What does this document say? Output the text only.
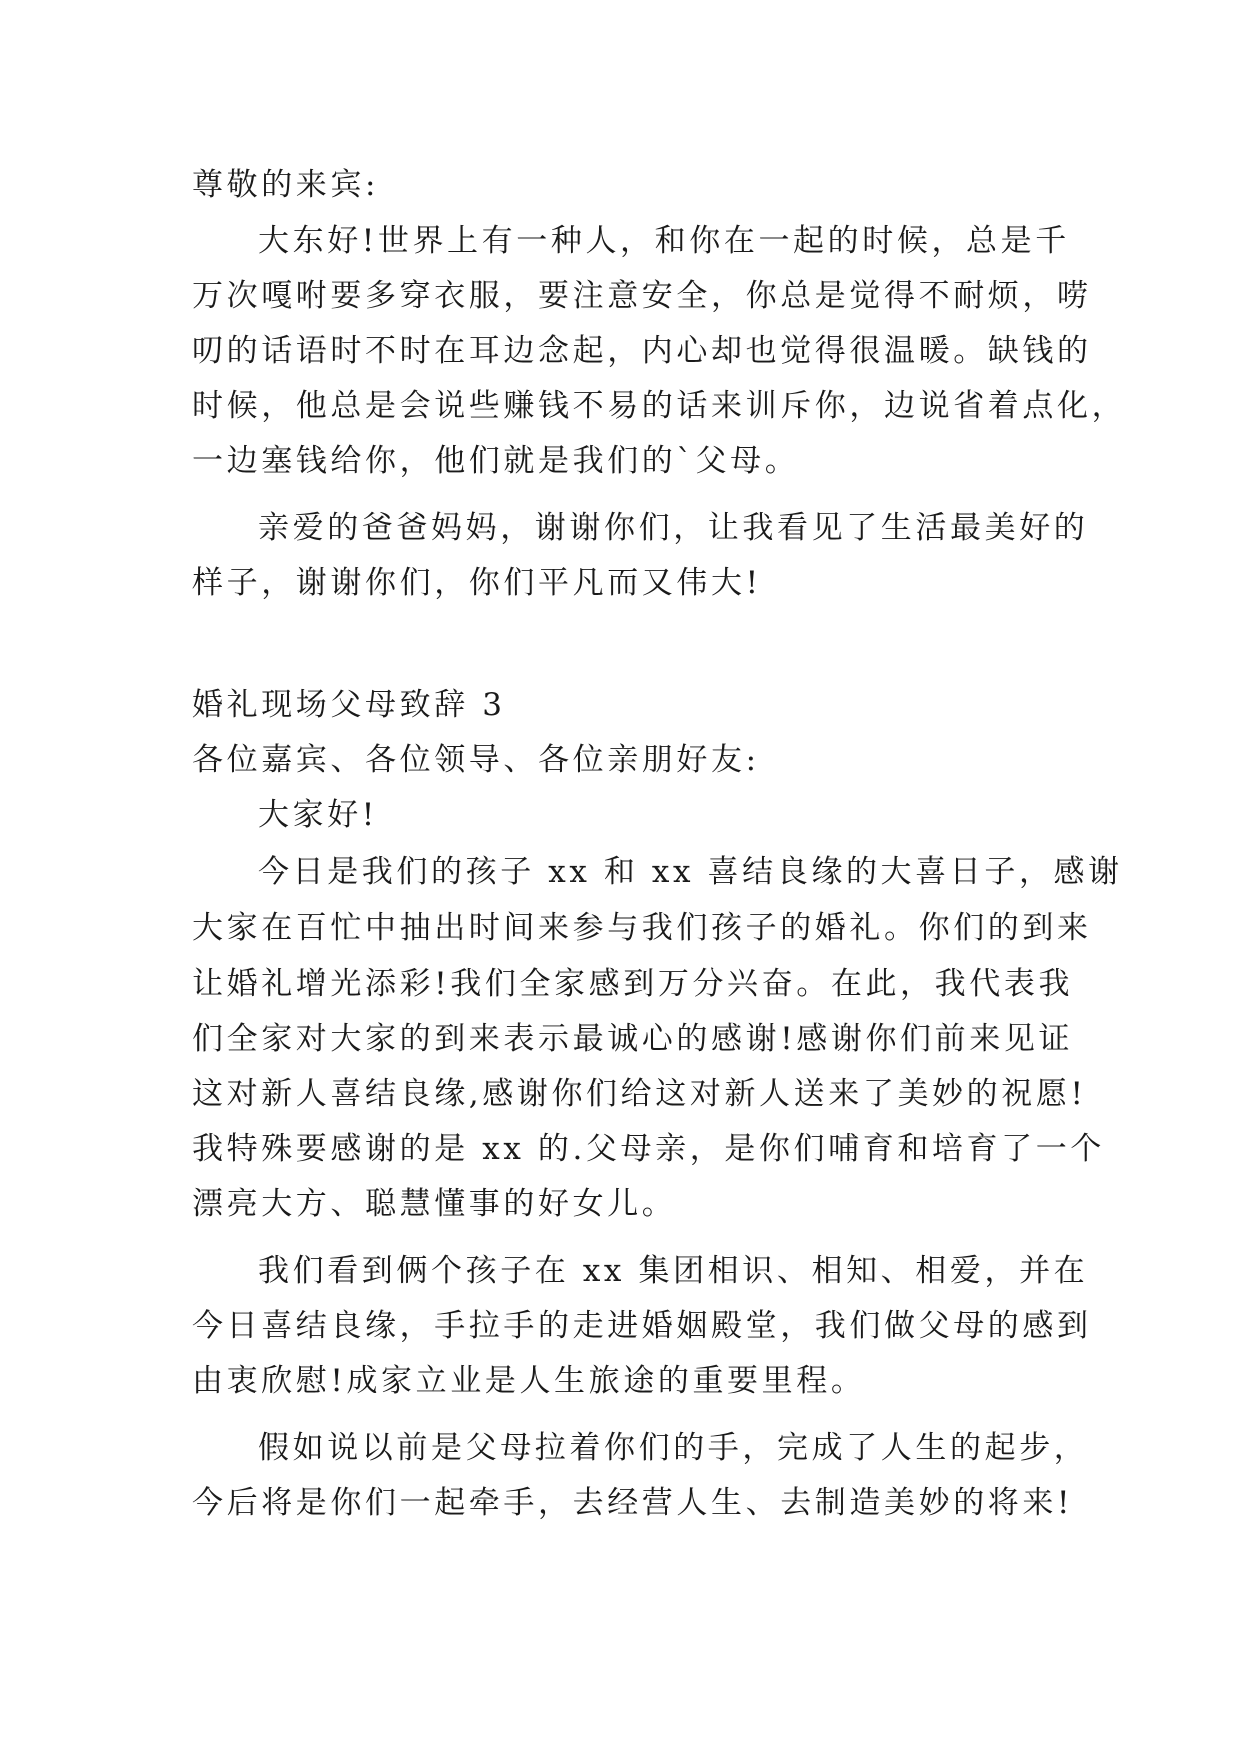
尊敬的来宾:
大东好!世界上有一种人，和你在一起的时候，总是千
万次嘎咐要多穿衣服，要注意安全，你总是觉得不耐烦，唠
叨的话语时不时在耳边念起，内心却也觉得很温暖。缺钱的
时候，他总是会说些赚钱不易的话来训斥你，边说省着点化，
一边塞钱给你，他们就是我们的`父母。
亲爱的爸爸妈妈，谢谢你们，让我看见了生活最美好的
样子，谢谢你们，你们平凡而又伟大!
婚礼现场父母致辞 3
各位嘉宾、各位领导、各位亲朋好友:
大家好!
今日是我们的孩子 xx 和 xx 喜结良缘的大喜日子，感谢
大家在百忙中抽出时间来参与我们孩子的婚礼。你们的到来
让婚礼增光添彩!我们全家感到万分兴奋。在此，我代表我
们全家对大家的到来表示最诚心的感谢!感谢你们前来见证
这对新人喜结良缘,感谢你们给这对新人送来了美妙的祝愿!
我特殊要感谢的是 xx 的.父母亲，是你们哺育和培育了一个
漂亮大方、聪慧懂事的好女儿。
我们看到俩个孩子在 xx 集团相识、相知、相爱，并在
今日喜结良缘，手拉手的走进婚姻殿堂，我们做父母的感到
由衷欣慰!成家立业是人生旅途的重要里程。
假如说以前是父母拉着你们的手，完成了人生的起步，
今后将是你们一起牵手，去经营人生、去制造美妙的将来!
